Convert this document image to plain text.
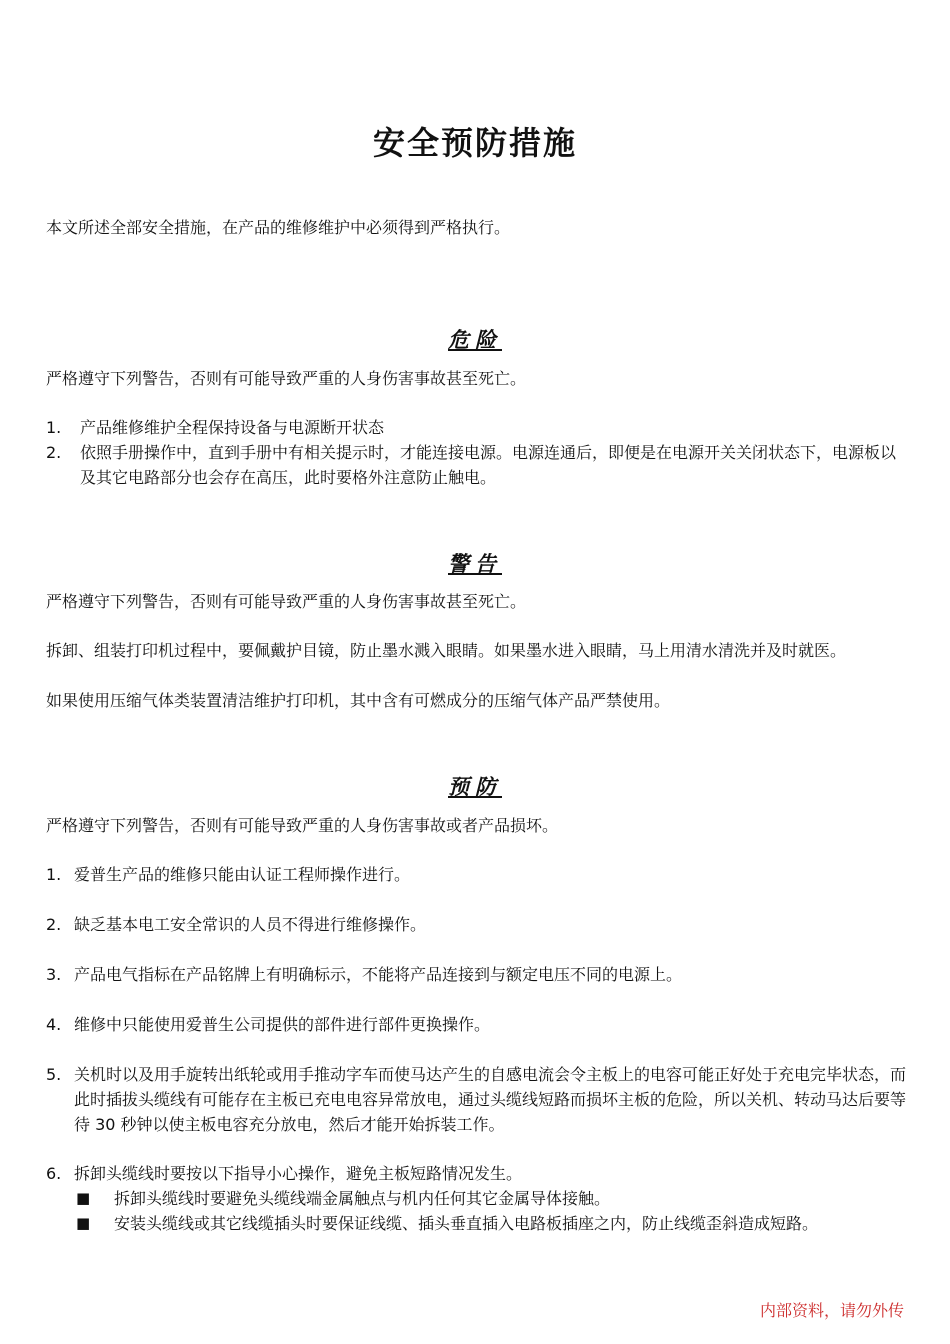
安全预防措施
本文所述全部安全措施，在产品的维修维护中必须得到严格执行。
危险
严格遵守下列警告，否则有可能导致严重的人身伤害事故甚至死亡。
1. 产品维修维护全程保持设备与电源断开状态
2. 依照手册操作中，直到手册中有相关提示时，才能连接电源。电源连通后，即便是在电源开关关闭状态下，电源板以及其它电路部分也会存在高压，此时要格外注意防止触电。
警告
严格遵守下列警告，否则有可能导致严重的人身伤害事故甚至死亡。
拆卸、组装打印机过程中，要佩戴护目镜，防止墨水溅入眼睛。如果墨水进入眼睛，马上用清水清洗并及时就医。
如果使用压缩气体类装置清洁维护打印机，其中含有可燃成分的压缩气体产品严禁使用。
预防
严格遵守下列警告，否则有可能导致严重的人身伤害事故或者产品损坏。
1. 爱普生产品的维修只能由认证工程师操作进行。
2. 缺乏基本电工安全常识的人员不得进行维修操作。
3. 产品电气指标在产品铭牌上有明确标示，不能将产品连接到与额定电压不同的电源上。
4. 维修中只能使用爱普生公司提供的部件进行部件更换操作。
5. 关机时以及用手旋转出纸轮或用手推动字车而使马达产生的自感电流会令主板上的电容可能正好处于充电完毕状态，而此时插拔头缆线有可能存在主板已充电电容异常放电，通过头缆线短路而损坏主板的危险，所以关机、转动马达后要等待 30 秒钟以使主板电容充分放电，然后才能开始拆装工作。
6. 拆卸头缆线时要按以下指导小心操作，避免主板短路情况发生。
■ 拆卸头缆线时要避免头缆线端金属触点与机内任何其它金属导体接触。
■ 安装头缆线或其它线缆插头时要保证线缆、插头垂直插入电路板插座之内，防止线缆歪斜造成短路。
内部资料，请勿外传
